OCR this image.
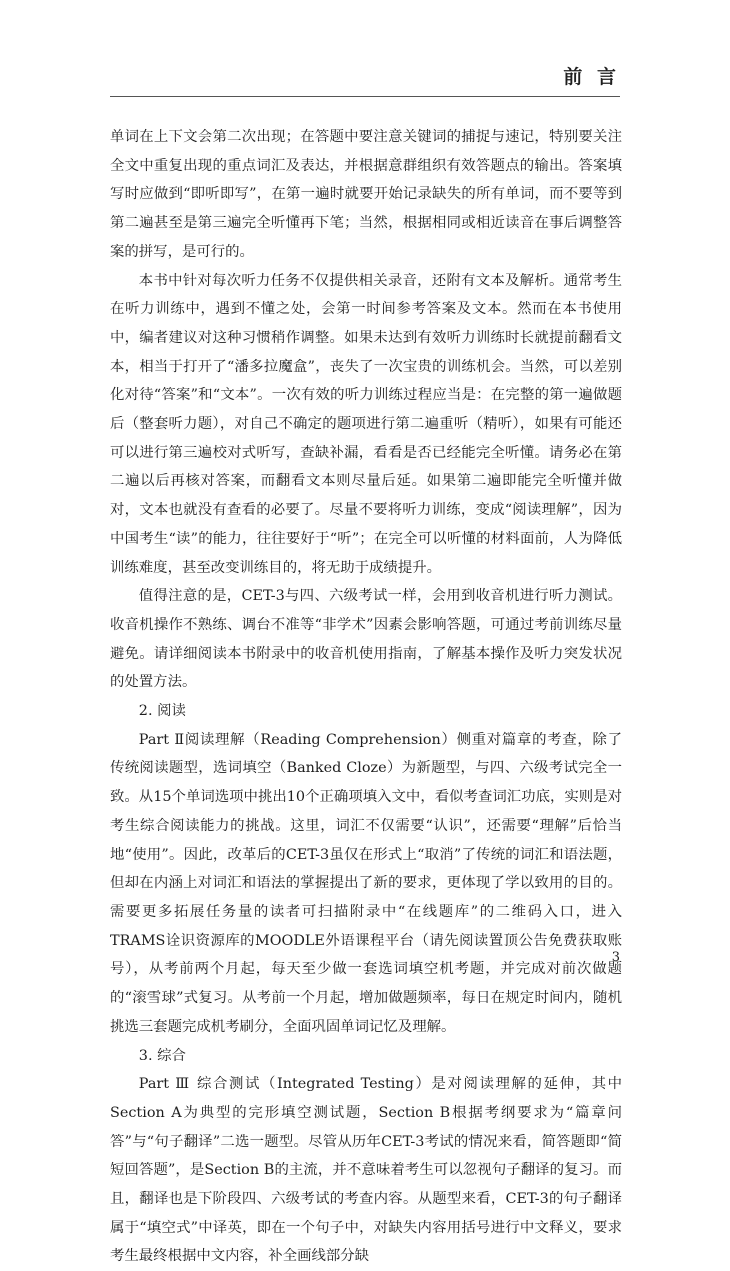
前 言

单词在上下文会第二次出现；在答题中要注意关键词的捕捉与速记，特别要关注全文中重复出现的重点词汇及表达，并根据意群组织有效答题点的输出。答案填写时应做到“即听即写”，在第一遍时就要开始记录缺失的所有单词，而不要等到第二遍甚至是第三遍完全听懂再下笔；当然，根据相同或相近读音在事后调整答案的拼写，是可行的。

本书中针对每次听力任务不仅提供相关录音，还附有文本及解析。通常考生在听力训练中，遇到不懂之处，会第一时间参考答案及文本。然而在本书使用中，编者建议对这种习惯稍作调整。如果未达到有效听力训练时长就提前翻看文本，相当于打开了“潘多拉魔盒”，丧失了一次宝贵的训练机会。当然，可以差别化对待“答案”和“文本”。一次有效的听力训练过程应当是：在完整的第一遍做题后（整套听力题），对自己不确定的题项进行第二遍重听（精听），如果有可能还可以进行第三遍校对式听写，查缺补漏，看看是否已经能完全听懂。请务必在第二遍以后再核对答案，而翻看文本则尽量后延。如果第二遍即能完全听懂并做对，文本也就没有查看的必要了。尽量不要将听力训练，变成“阅读理解”，因为中国考生“读”的能力，往往要好于“听”；在完全可以听懂的材料面前，人为降低训练难度，甚至改变训练目的，将无助于成绩提升。

值得注意的是，CET-3与四、六级考试一样，会用到收音机进行听力测试。收音机操作不熟练、调台不准等“非学术”因素会影响答题，可通过考前训练尽量避免。请详细阅读本书附录中的收音机使用指南，了解基本操作及听力突发状况的处置方法。

2. 阅读

Part Ⅱ阅读理解（Reading Comprehension）侧重对篇章的考查，除了传统阅读题型，选词填空（Banked Cloze）为新题型，与四、六级考试完全一致。从15个单词选项中挑出10个正确项填入文中，看似考查词汇功底，实则是对考生综合阅读能力的挑战。这里，词汇不仅需要“认识”，还需要“理解”后恰当地“使用”。因此，改革后的CET-3虽仅在形式上“取消”了传统的词汇和语法题，但却在内涵上对词汇和语法的掌握提出了新的要求，更体现了学以致用的目的。需要更多拓展任务量的读者可扫描附录中“在线题库”的二维码入口，进入TRAMS诠识资源库的MOODLE外语课程平台（请先阅读置顶公告免费获取账号），从考前两个月起，每天至少做一套选词填空机考题，并完成对前次做题的“滚雪球”式复习。从考前一个月起，增加做题频率，每日在规定时间内，随机挑选三套题完成机考刷分，全面巩固单词记忆及理解。

3. 综合

Part Ⅲ 综合测试（Integrated Testing）是对阅读理解的延伸，其中Section A为典型的完形填空测试题，Section B根据考纲要求为“篇章问答”与“句子翻译”二选一题型。尽管从历年CET-3考试的情况来看，简答题即“简短回答题”，是Section B的主流，并不意味着考生可以忽视句子翻译的复习。而且，翻译也是下阶段四、六级考试的考查内容。从题型来看，CET-3的句子翻译属于“填空式”中译英，即在一个句子中，对缺失内容用括号进行中文释义，要求考生最终根据中文内容，补全画线部分缺

3
